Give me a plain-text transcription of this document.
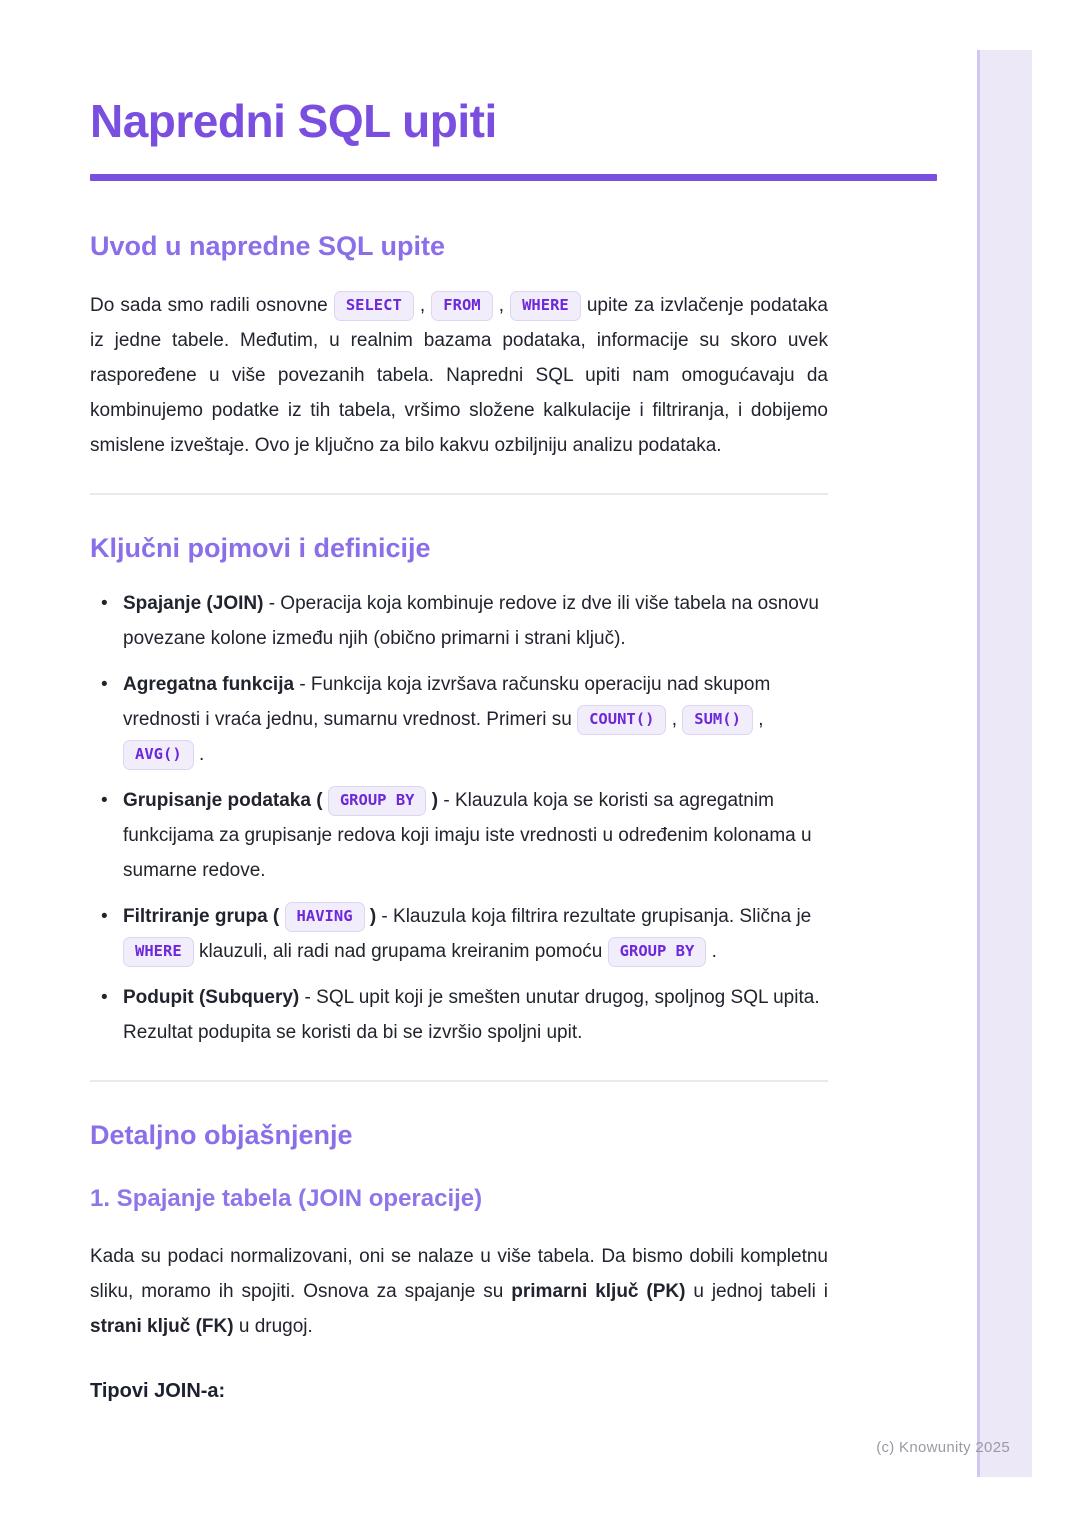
Napredni SQL upiti
Uvod u napredne SQL upite

Do sada smo radili osnovne SELECT , FROM , WHERE upite za izvlačenje podataka iz jedne tabele. Međutim, u realnim bazama podataka, informacije su skoro uvek raspoređene u više povezanih tabela. Napredni SQL upiti nam omogućavaju da kombinujemo podatke iz tih tabela, vršimo složene kalkulacije i filtriranja, i dobijemo smislene izveštaje. Ovo je ključno za bilo kakvu ozbiljniju analizu podataka.

Ključni pojmovi i definicije
• Spajanje (JOIN) - Operacija koja kombinuje redove iz dve ili više tabela na osnovu povezane kolone između njih (obično primarni i strani ključ).
• Agregatna funkcija - Funkcija koja izvršava računsku operaciju nad skupom vrednosti i vraća jednu, sumarnu vrednost. Primeri su COUNT() , SUM() , AVG() .
• Grupisanje podataka ( GROUP BY ) - Klauzula koja se koristi sa agregatnim funkcijama za grupisanje redova koji imaju iste vrednosti u određenim kolonama u sumarne redove.
• Filtriranje grupa ( HAVING ) - Klauzula koja filtrira rezultate grupisanja. Slična je WHERE klauzuli, ali radi nad grupama kreiranim pomoću GROUP BY .
• Podupit (Subquery) - SQL upit koji je smešten unutar drugog, spoljnog SQL upita. Rezultat podupita se koristi da bi se izvršio spoljni upit.
Detaljno objašnjenje
1. Spajanje tabela (JOIN operacije)

Kada su podaci normalizovani, oni se nalaze u više tabela. Da bismo dobili kompletnu sliku, moramo ih spojiti. Osnova za spajanje su primarni ključ (PK) u jednoj tabeli i strani ključ (FK) u drugoj.

Tipovi JOIN-a:

(c) Knowunity 2025
